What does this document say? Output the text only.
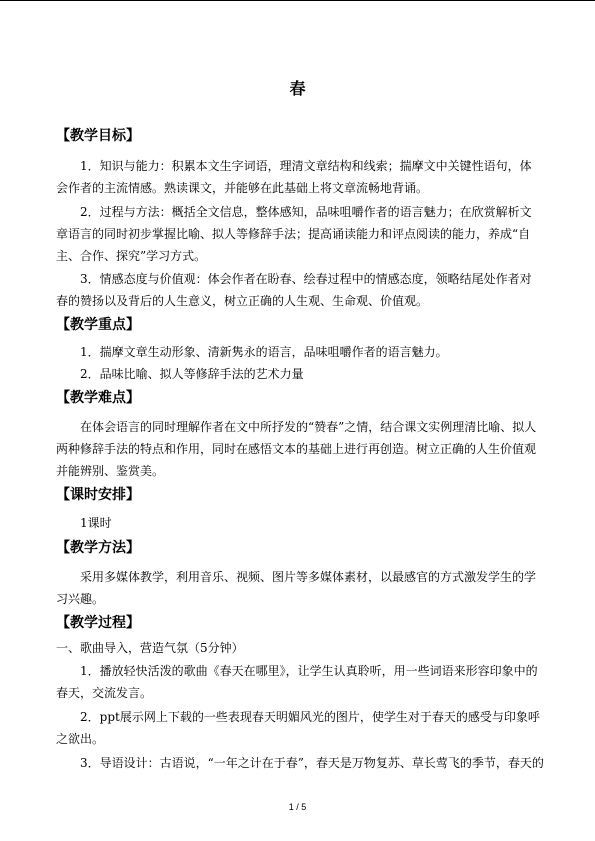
春
【教学目标】

1．知识与能力：积累本文生字词语，理清文章结构和线索；揣摩文中关键性语句，体会作者的主流情感。熟读课文，并能够在此基础上将文章流畅地背诵。

2．过程与方法：概括全文信息，整体感知，品味咀嚼作者的语言魅力；在欣赏解析文章语言的同时初步掌握比喻、拟人等修辞手法；提高诵读能力和评点阅读的能力，养成“自主、合作、探究”学习方式。

3．情感态度与价值观：体会作者在盼春、绘春过程中的情感态度，领略结尾处作者对春的赞扬以及背后的人生意义，树立正确的人生观、生命观、价值观。

【教学重点】

1．揣摩文章生动形象、清新隽永的语言，品味咀嚼作者的语言魅力。

2．品味比喻、拟人等修辞手法的艺术力量

【教学难点】

在体会语言的同时理解作者在文中所抒发的“赞春”之情，结合课文实例理清比喻、拟人两种修辞手法的特点和作用，同时在感悟文本的基础上进行再创造。树立正确的人生价值观并能辨别、鉴赏美。

【课时安排】

1课时

【教学方法】

采用多媒体教学，利用音乐、视频、图片等多媒体素材，以最感官的方式激发学生的学习兴趣。

【教学过程】

一、歌曲导入，营造气氛（5分钟）

1．播放轻快活泼的歌曲《春天在哪里》，让学生认真聆听，用一些词语来形容印象中的春天，交流发言。

2．ppt展示网上下载的一些表现春天明媚风光的图片，使学生对于春天的感受与印象呼之欲出。

3．导语设计：古语说，“一年之计在于春”，春天是万物复苏、草长莺飞的季节，春天的

1 / 5
